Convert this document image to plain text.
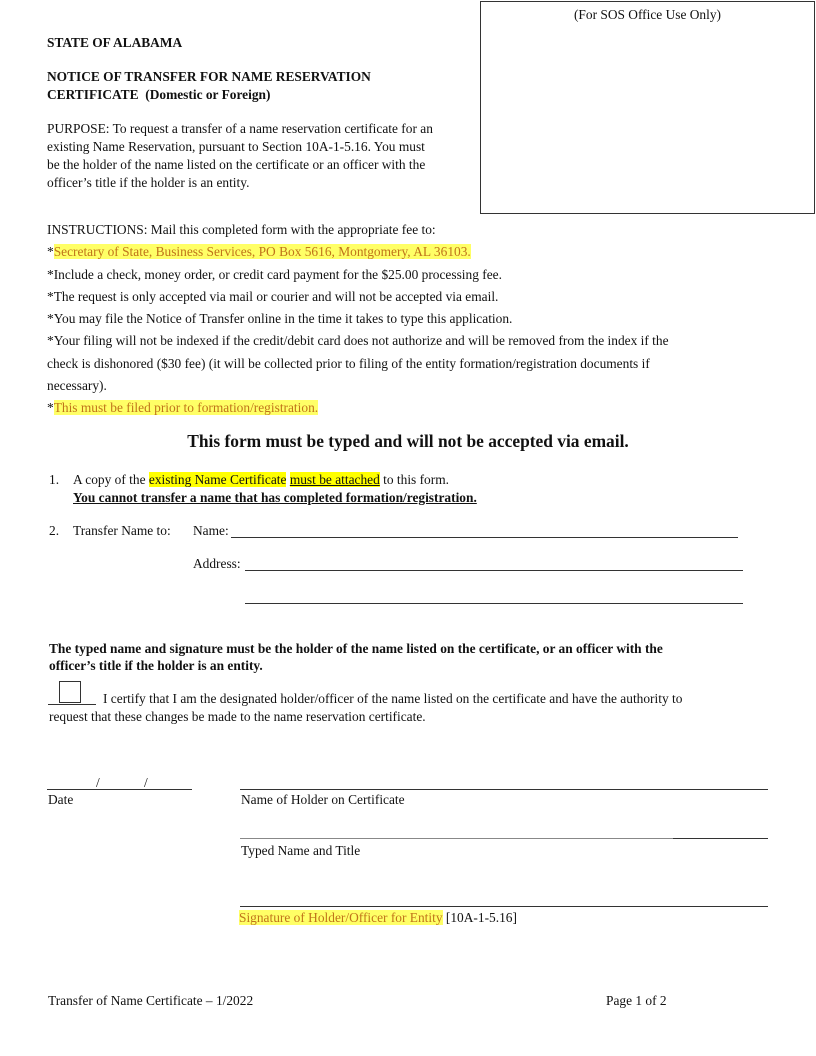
(For SOS Office Use Only)
STATE OF ALABAMA
NOTICE OF TRANSFER FOR NAME RESERVATION
CERTIFICATE (Domestic or Foreign)
PURPOSE: To request a transfer of a name reservation certificate for an
existing Name Reservation, pursuant to Section 10A-1-5.16. You must
be the holder of the name listed on the certificate or an officer with the
officer’s title if the holder is an entity.
INSTRUCTIONS: Mail this completed form with the appropriate fee to:
*Secretary of State, Business Services, PO Box 5616, Montgomery, AL 36103.
*Include a check, money order, or credit card payment for the $25.00 processing fee.
*The request is only accepted via mail or courier and will not be accepted via email.
*You may file the Notice of Transfer online in the time it takes to type this application.
*Your filing will not be indexed if the credit/debit card does not authorize and will be removed from the index if the
check is dishonored ($30 fee) (it will be collected prior to filing of the entity formation/registration documents if
necessary).
*This must be filed prior to formation/registration.
This form must be typed and will not be accepted via email.
1. A copy of the existing Name Certificate must be attached to this form.
You cannot transfer a name that has completed formation/registration.
2. Transfer Name to: Name:
Address:
The typed name and signature must be the holder of the name listed on the certificate, or an officer with the
officer’s title if the holder is an entity.
I certify that I am the designated holder/officer of the name listed on the certificate and have the authority to
request that these changes be made to the name reservation certificate.
/	/
Date	Name of Holder on Certificate
Typed Name and Title
Signature of Holder/Officer for Entity [10A-1-5.16]
Transfer of Name Certificate – 1/2022	Page 1 of 2
